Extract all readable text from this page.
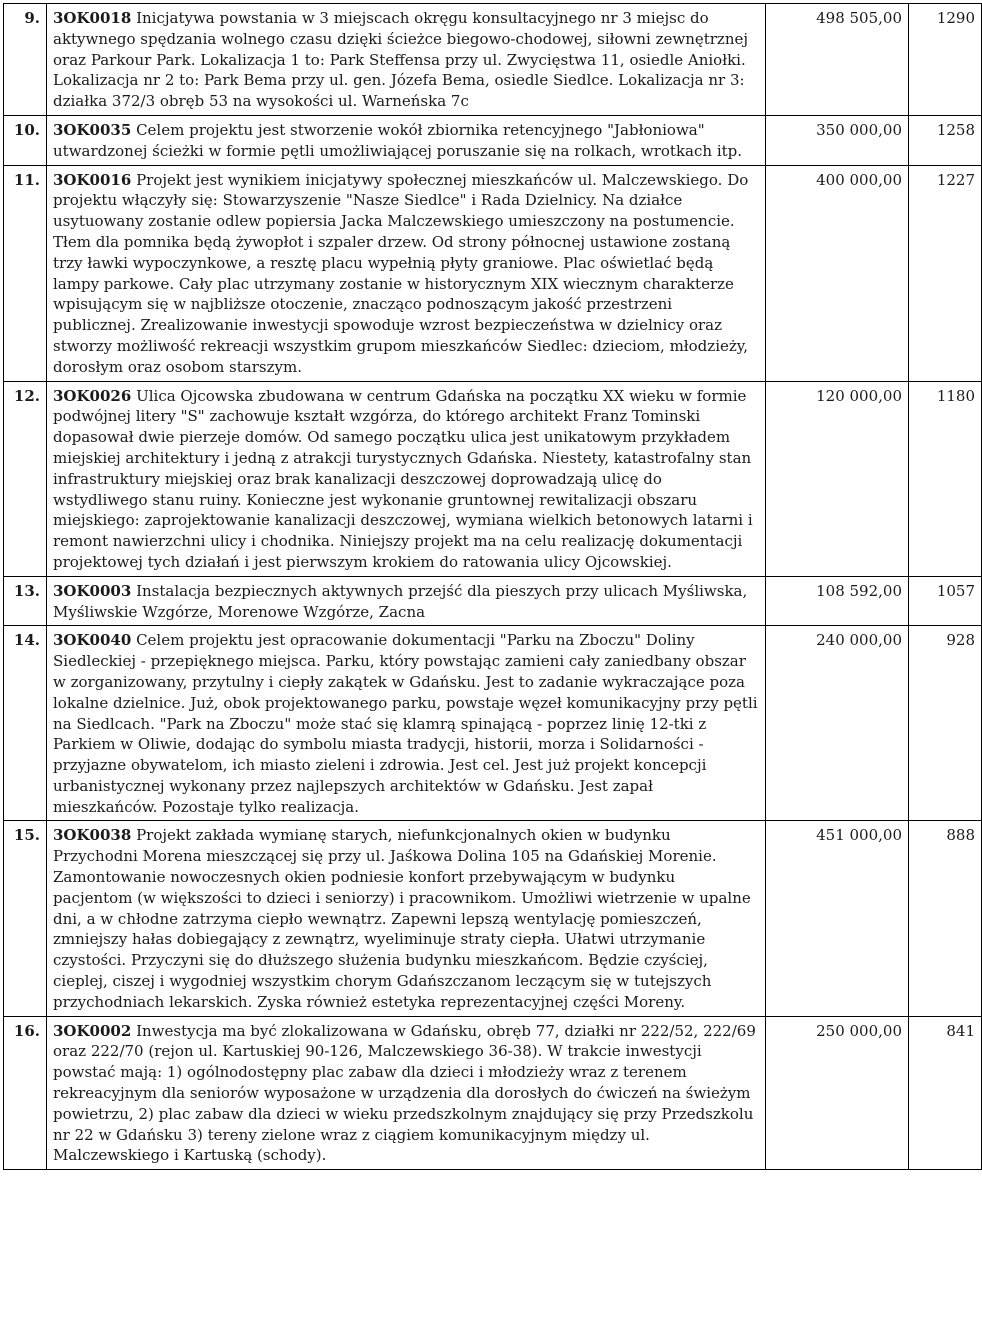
9.	3OK0018 Inicjatywa powstania w 3 miejscach okręgu konsultacyjnego nr 3 miejsc do aktywnego spędzania wolnego czasu dzięki ścieżce biegowo-chodowej, siłowni zewnętrznej oraz Parkour Park. Lokalizacja 1 to: Park Steffensa przy ul. Zwycięstwa 11, osiedle Aniołki. Lokalizacja nr 2 to: Park Bema przy ul. gen. Józefa Bema, osiedle Siedlce. Lokalizacja nr 3: działka 372/3 obręb 53 na wysokości ul. Warneńska 7c	498 505,00	1290
10.	3OK0035 Celem projektu jest stworzenie wokół zbiornika retencyjnego "Jabłoniowa" utwardzonej ścieżki w formie pętli umożliwiającej poruszanie się na rolkach, wrotkach itp.	350 000,00	1258
11.	3OK0016 Projekt jest wynikiem inicjatywy społecznej mieszkańców ul. Malczewskiego. Do projektu włączyły się: Stowarzyszenie "Nasze Siedlce" i Rada Dzielnicy. Na działce usytuowany zostanie odlew popiersia Jacka Malczewskiego umieszczony na postumencie. Tłem dla pomnika będą żywopłot i szpaler drzew. Od strony północnej ustawione zostaną trzy ławki wypoczynkowe, a resztę placu wypełnią płyty graniowe. Plac oświetlać będą lampy parkowe. Cały plac utrzymany zostanie w historycznym XIX wiecznym charakterze wpisującym się w najbliższe otoczenie, znacząco podnoszącym jakość przestrzeni publicznej. Zrealizowanie inwestycji spowoduje wzrost bezpieczeństwa w dzielnicy oraz stworzy możliwość rekreacji wszystkim grupom mieszkańców Siedlec: dzieciom, młodzieży, dorosłym oraz osobom starszym.	400 000,00	1227
12.	3OK0026 Ulica Ojcowska zbudowana w centrum Gdańska na początku XX wieku w formie podwójnej litery "S" zachowuje kształt wzgórza, do którego architekt Franz Tominski dopasował dwie pierzeje domów. Od samego początku ulica jest unikatowym przykładem miejskiej architektury i jedną z atrakcji turystycznych Gdańska. Niestety, katastrofalny stan infrastruktury miejskiej oraz brak kanalizacji deszczowej doprowadzają ulicę do wstydliwego stanu ruiny. Konieczne jest wykonanie gruntownej rewitalizacji obszaru miejskiego: zaprojektowanie kanalizacji deszczowej, wymiana wielkich betonowych latarni i remont nawierzchni ulicy i chodnika. Niniejszy projekt ma na celu realizację dokumentacji projektowej tych działań i jest pierwszym krokiem do ratowania ulicy Ojcowskiej.	120 000,00	1180
13.	3OK0003 Instalacja bezpiecznych aktywnych przejść dla pieszych przy ulicach Myśliwska, Myśliwskie Wzgórze, Morenowe Wzgórze, Zacna	108 592,00	1057
14.	3OK0040 Celem projektu jest opracowanie dokumentacji "Parku na Zboczu" Doliny Siedleckiej - przepięknego miejsca. Parku, który powstając zamieni cały zaniedbany obszar w zorganizowany, przytulny i ciepły zakątek w Gdańsku. Jest to zadanie wykraczające poza lokalne dzielnice. Już, obok projektowanego parku, powstaje węzeł komunikacyjny przy pętli na Siedlcach. "Park na Zboczu" może stać się klamrą spinającą - poprzez linię 12-tki z Parkiem w Oliwie, dodając do symbolu miasta tradycji, historii, morza i Solidarności - przyjazne obywatelom, ich miasto zieleni i zdrowia. Jest cel. Jest już projekt koncepcji urbanistycznej wykonany przez najlepszych architektów w Gdańsku. Jest zapał mieszkańców. Pozostaje tylko realizacja.	240 000,00	928
15.	3OK0038 Projekt zakłada wymianę starych, niefunkcjonalnych okien w budynku Przychodni Morena mieszczącej się przy ul. Jaśkowa Dolina 105 na Gdańskiej Morenie. Zamontowanie nowoczesnych okien podniesie konfort przebywającym w budynku pacjentom (w większości to dzieci i seniorzy) i pracownikom. Umożliwi wietrzenie w upalne dni, a w chłodne zatrzyma ciepło wewnątrz. Zapewni lepszą wentylację pomieszczeń, zmniejszy hałas dobiegający z zewnątrz, wyeliminuje straty ciepła. Ułatwi utrzymanie czystości. Przyczyni się do dłuższego służenia budynku mieszkańcom. Będzie czyściej, cieplej, ciszej i wygodniej wszystkim chorym Gdańszczanom leczącym się w tutejszych przychodniach lekarskich. Zyska również estetyka reprezentacyjnej części Moreny.	451 000,00	888
16.	3OK0002 Inwestycja ma być zlokalizowana w Gdańsku, obręb 77, działki nr 222/52, 222/69 oraz 222/70 (rejon ul. Kartuskiej 90-126, Malczewskiego 36-38). W trakcie inwestycji powstać mają: 1) ogólnodostępny plac zabaw dla dzieci i młodzieży wraz z terenem rekreacyjnym dla seniorów wyposażone w urządzenia dla dorosłych do ćwiczeń na świeżym powietrzu, 2) plac zabaw dla dzieci w wieku przedszkolnym znajdujący się przy Przedszkolu nr 22 w Gdańsku 3) tereny zielone wraz z ciągiem komunikacyjnym między ul. Malczewskiego i Kartuską (schody).	250 000,00	841
